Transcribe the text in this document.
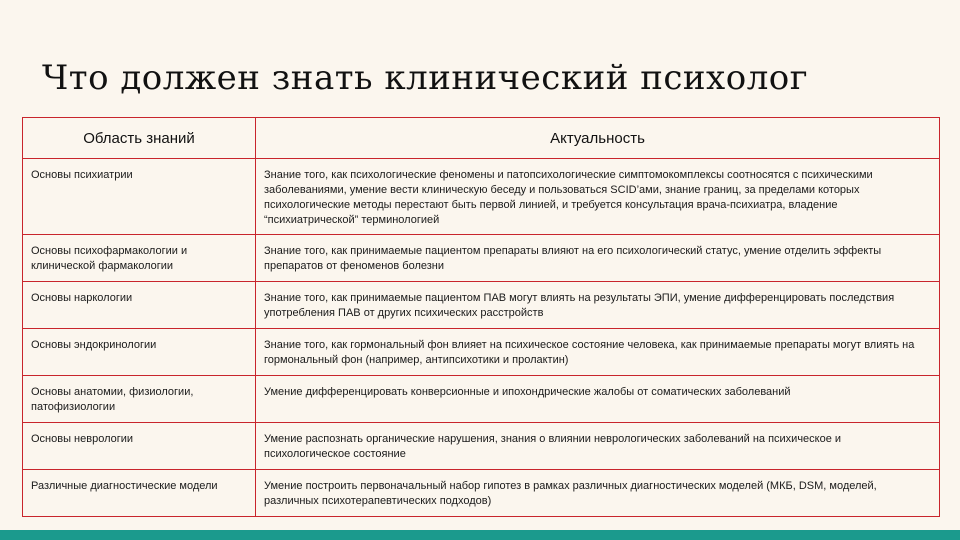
Что должен знать клинический психолог
Область знаний	Актуальность
Основы психиатрии	Знание того, как психологические феномены и патопсихологические симптомокомплексы соотносятся с психическими заболеваниями, умение вести клиническую беседу и пользоваться SCID’ами, знание границ, за пределами которых психологические методы перестают быть первой линией, и требуется консультация врача-психиатра, владение “психиатрической” терминологией
Основы психофармакологии и клинической фармакологии	Знание того, как принимаемые пациентом препараты влияют на его психологический статус, умение отделить эффекты препаратов от феноменов болезни
Основы наркологии	Знание того, как принимаемые пациентом ПАВ могут влиять на результаты ЭПИ, умение дифференцировать последствия употребления ПАВ от других психических расстройств
Основы эндокринологии	Знание того, как гормональный фон влияет на психическое состояние человека, как принимаемые препараты могут влиять на гормональный фон (например, антипсихотики и пролактин)
Основы анатомии, физиологии, патофизиологии	Умение дифференцировать конверсионные и ипохондрические жалобы от соматических заболеваний
Основы неврологии	Умение распознать органические нарушения, знания о влиянии неврологических заболеваний на психическое и психологическое состояние
Различные диагностические модели	Умение построить первоначальный набор гипотез в рамках различных диагностических моделей (МКБ, DSM, моделей, различных психотерапевтических подходов)
